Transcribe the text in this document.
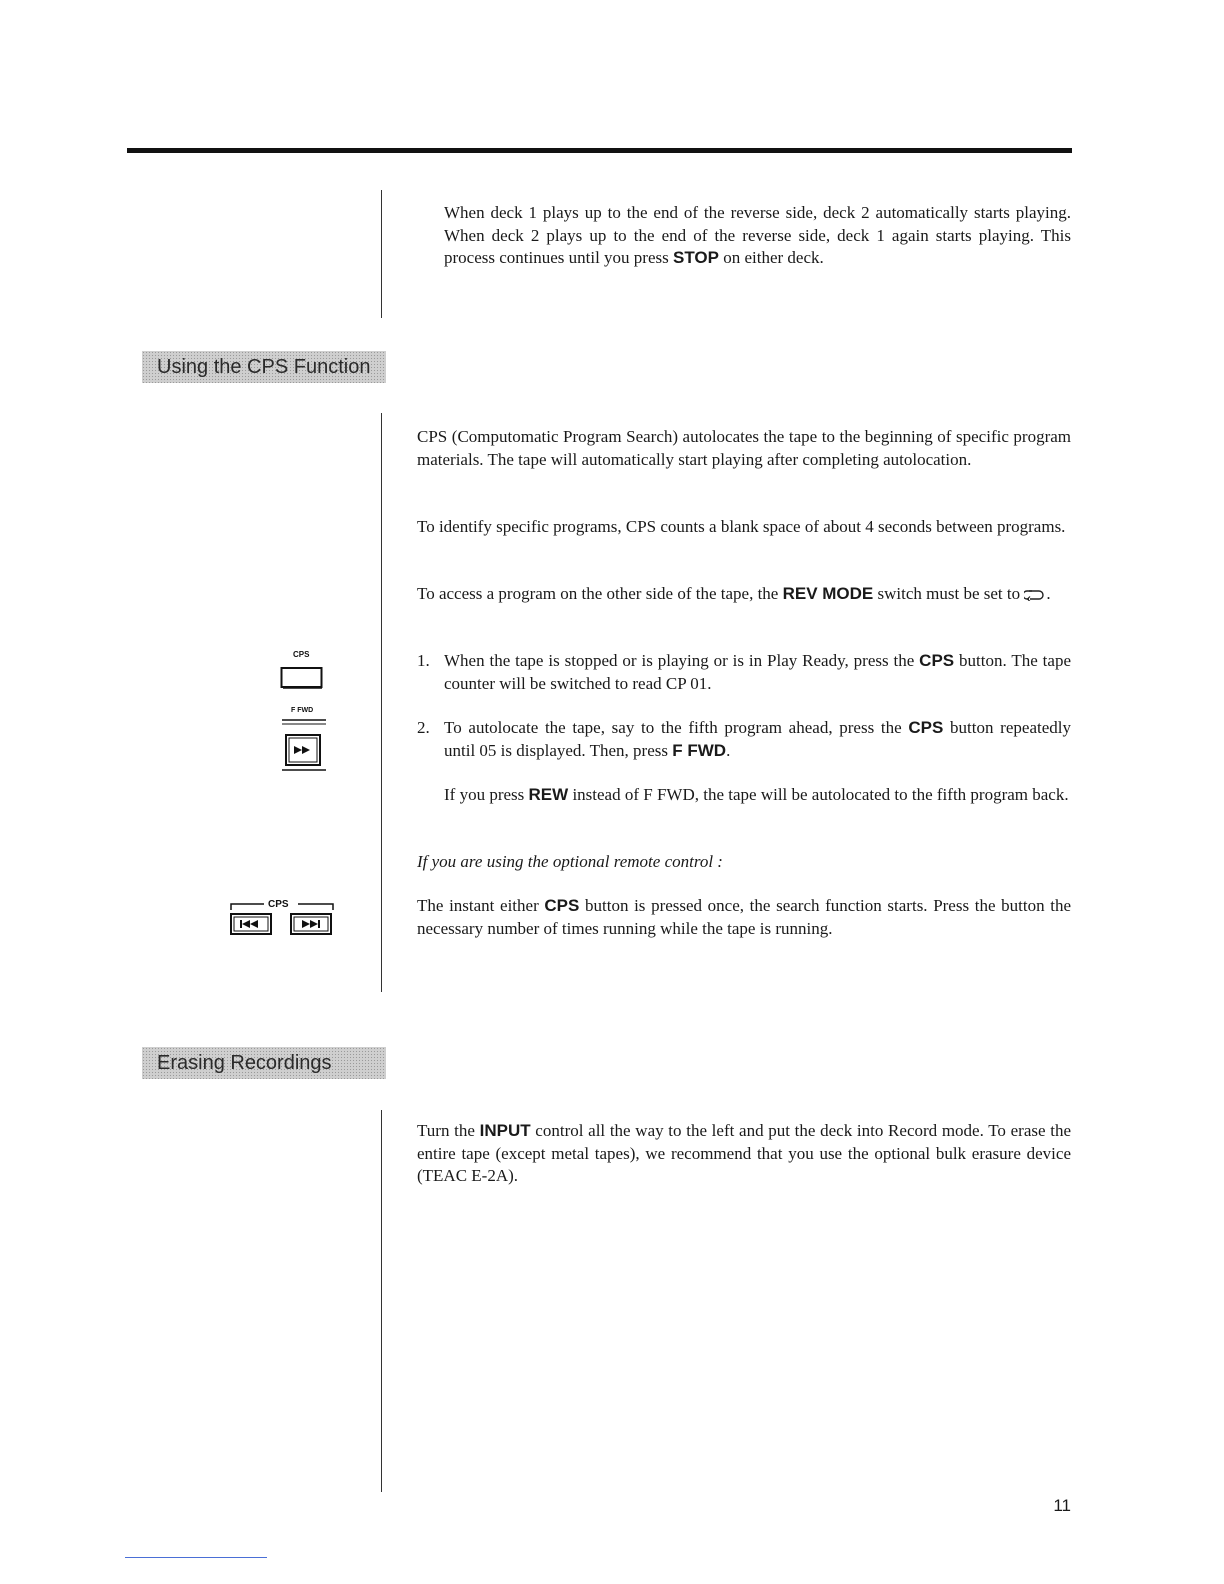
When deck 1 plays up to the end of the reverse side, deck 2 automatically starts playing. When deck 2 plays up to the end of the reverse side, deck 1 again starts playing. This process continues until you press STOP on either deck.

Using the CPS Function

CPS (Computomatic Program Search) autolocates the tape to the beginning of specific program materials. The tape will automatically start playing after completing autolocation.

To identify specific programs, CPS counts a blank space of about 4 seconds between programs.

To access a program on the other side of the tape, the REV MODE switch must be set to .

1. When the tape is stopped or is playing or is in Play Ready, press the CPS button. The tape counter will be switched to read CP 01.

2. To autolocate the tape, say to the fifth program ahead, press the CPS button repeatedly until 05 is displayed. Then, press F FWD.

If you press REW instead of F FWD, the tape will be autolocated to the fifth program back.

If you are using the optional remote control :

The instant either CPS button is pressed once, the search function starts. Press the button the necessary number of times running while the tape is running.

CPS
F FWD
CPS
Erasing Recordings

Turn the INPUT control all the way to the left and put the deck into Record mode. To erase the entire tape (except metal tapes), we recommend that you use the optional bulk erasure device (TEAC E-2A).

11
